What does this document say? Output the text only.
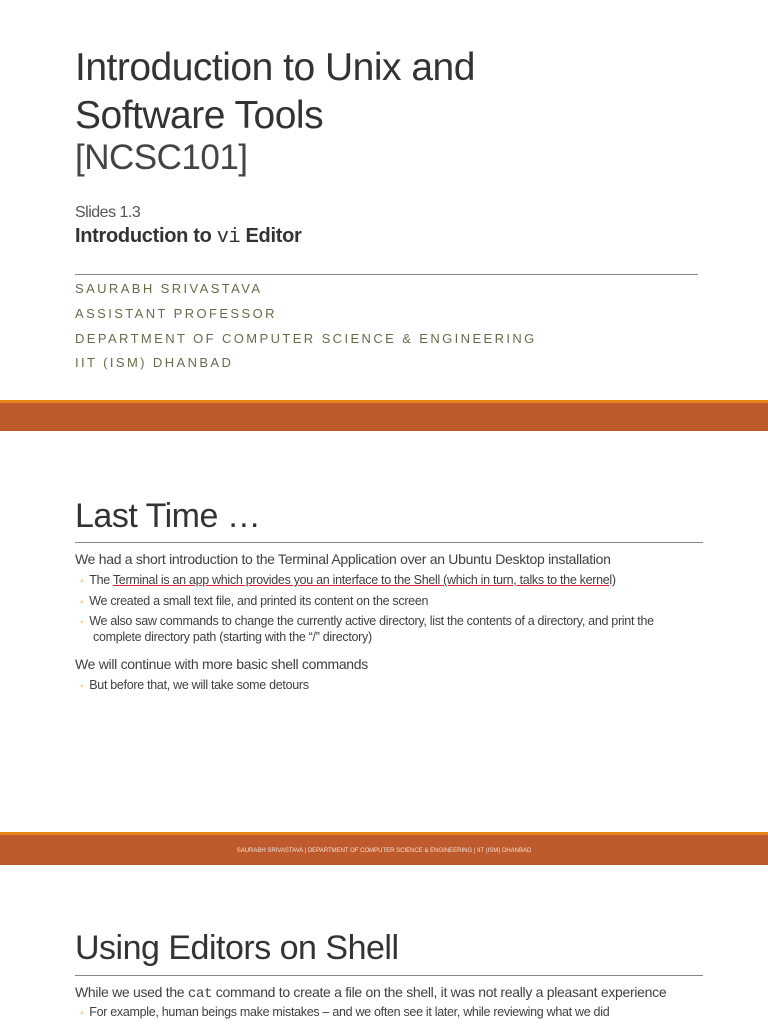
Introduction to Unix and
Software Tools
[NCSC101]
Slides 1.3
Introduction to vi Editor
SAURABH SRIVASTAVA
ASSISTANT PROFESSOR
DEPARTMENT OF COMPUTER SCIENCE & ENGINEERING
IIT (ISM) DHANBAD
Last Time …
We had a short introduction to the Terminal Application over an Ubuntu Desktop installation
◦ The Terminal is an app which provides you an interface to the Shell (which in turn, talks to the kernel)
◦ We created a small text file, and printed its content on the screen
◦ We also saw commands to change the currently active directory, list the contents of a directory, and print the
complete directory path (starting with the “/” directory)
We will continue with more basic shell commands
◦ But before that, we will take some detours
SAURABH SRIVASTAVA | DEPARTMENT OF COMPUTER SCIENCE & ENGINEERING | IIT (ISM) DHANBAD
Using Editors on Shell
While we used the cat command to create a file on the shell, it was not really a pleasant experience
◦ For example, human beings make mistakes – and we often see it later, while reviewing what we did
